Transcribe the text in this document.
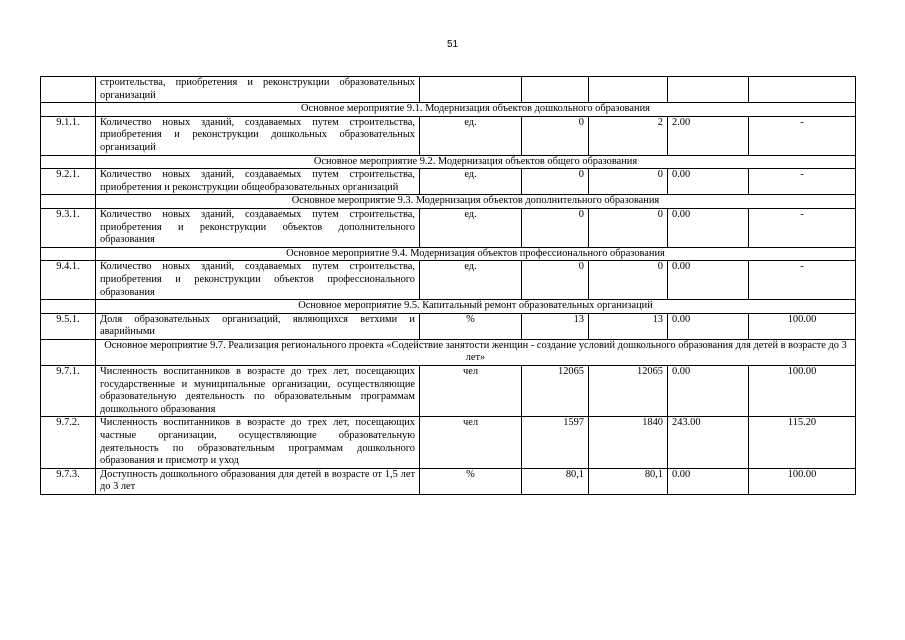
51
	строительства, приобретения и реконструкции образовательных организаций					
	Основное мероприятие 9.1. Модернизация объектов дошкольного образования					
9.1.1.	Количество новых зданий, создаваемых путем строительства, приобретения и реконструкции дошкольных образовательных организаций	ед.	0	2	2.00	-
	Основное мероприятие 9.2. Модернизация объектов общего образования					
9.2.1.	Количество новых зданий, создаваемых путем строительства, приобретения и реконструкции общеобразовательных организаций	ед.	0	0	0.00	-
	Основное мероприятие 9.3. Модернизация объектов дополнительного образования					
9.3.1.	Количество новых зданий, создаваемых путем строительства, приобретения и реконструкции объектов дополнительного образования	ед.	0	0	0.00	-
	Основное мероприятие 9.4. Модернизация объектов профессионального образования					
9.4.1.	Количество новых зданий, создаваемых путем строительства, приобретения и реконструкции объектов профессионального образования	ед.	0	0	0.00	-
	Основное мероприятие 9.5. Капитальный ремонт образовательных организаций					
9.5.1.	Доля образовательных организаций, являющихся ветхими и аварийными	%	13	13	0.00	100.00
	Основное мероприятие 9.7. Реализация регионального проекта «Содействие занятости женщин - создание условий дошкольного образования для детей в возрасте до 3 лет»					
9.7.1.	Численность воспитанников в возрасте до трех лет, посещающих государственные и муниципальные организации, осуществляющие образовательную деятельность по образовательным программам дошкольного образования	чел	12065	12065	0.00	100.00
9.7.2.	Численность воспитанников в возрасте до трех лет, посещающих частные организации, осуществляющие образовательную деятельность по образовательным программам дошкольного образования и присмотр и уход	чел	1597	1840	243.00	115.20
9.7.3.	Доступность дошкольного образования для детей в возрасте от 1,5 лет до 3 лет	%	80,1	80,1	0.00	100.00
